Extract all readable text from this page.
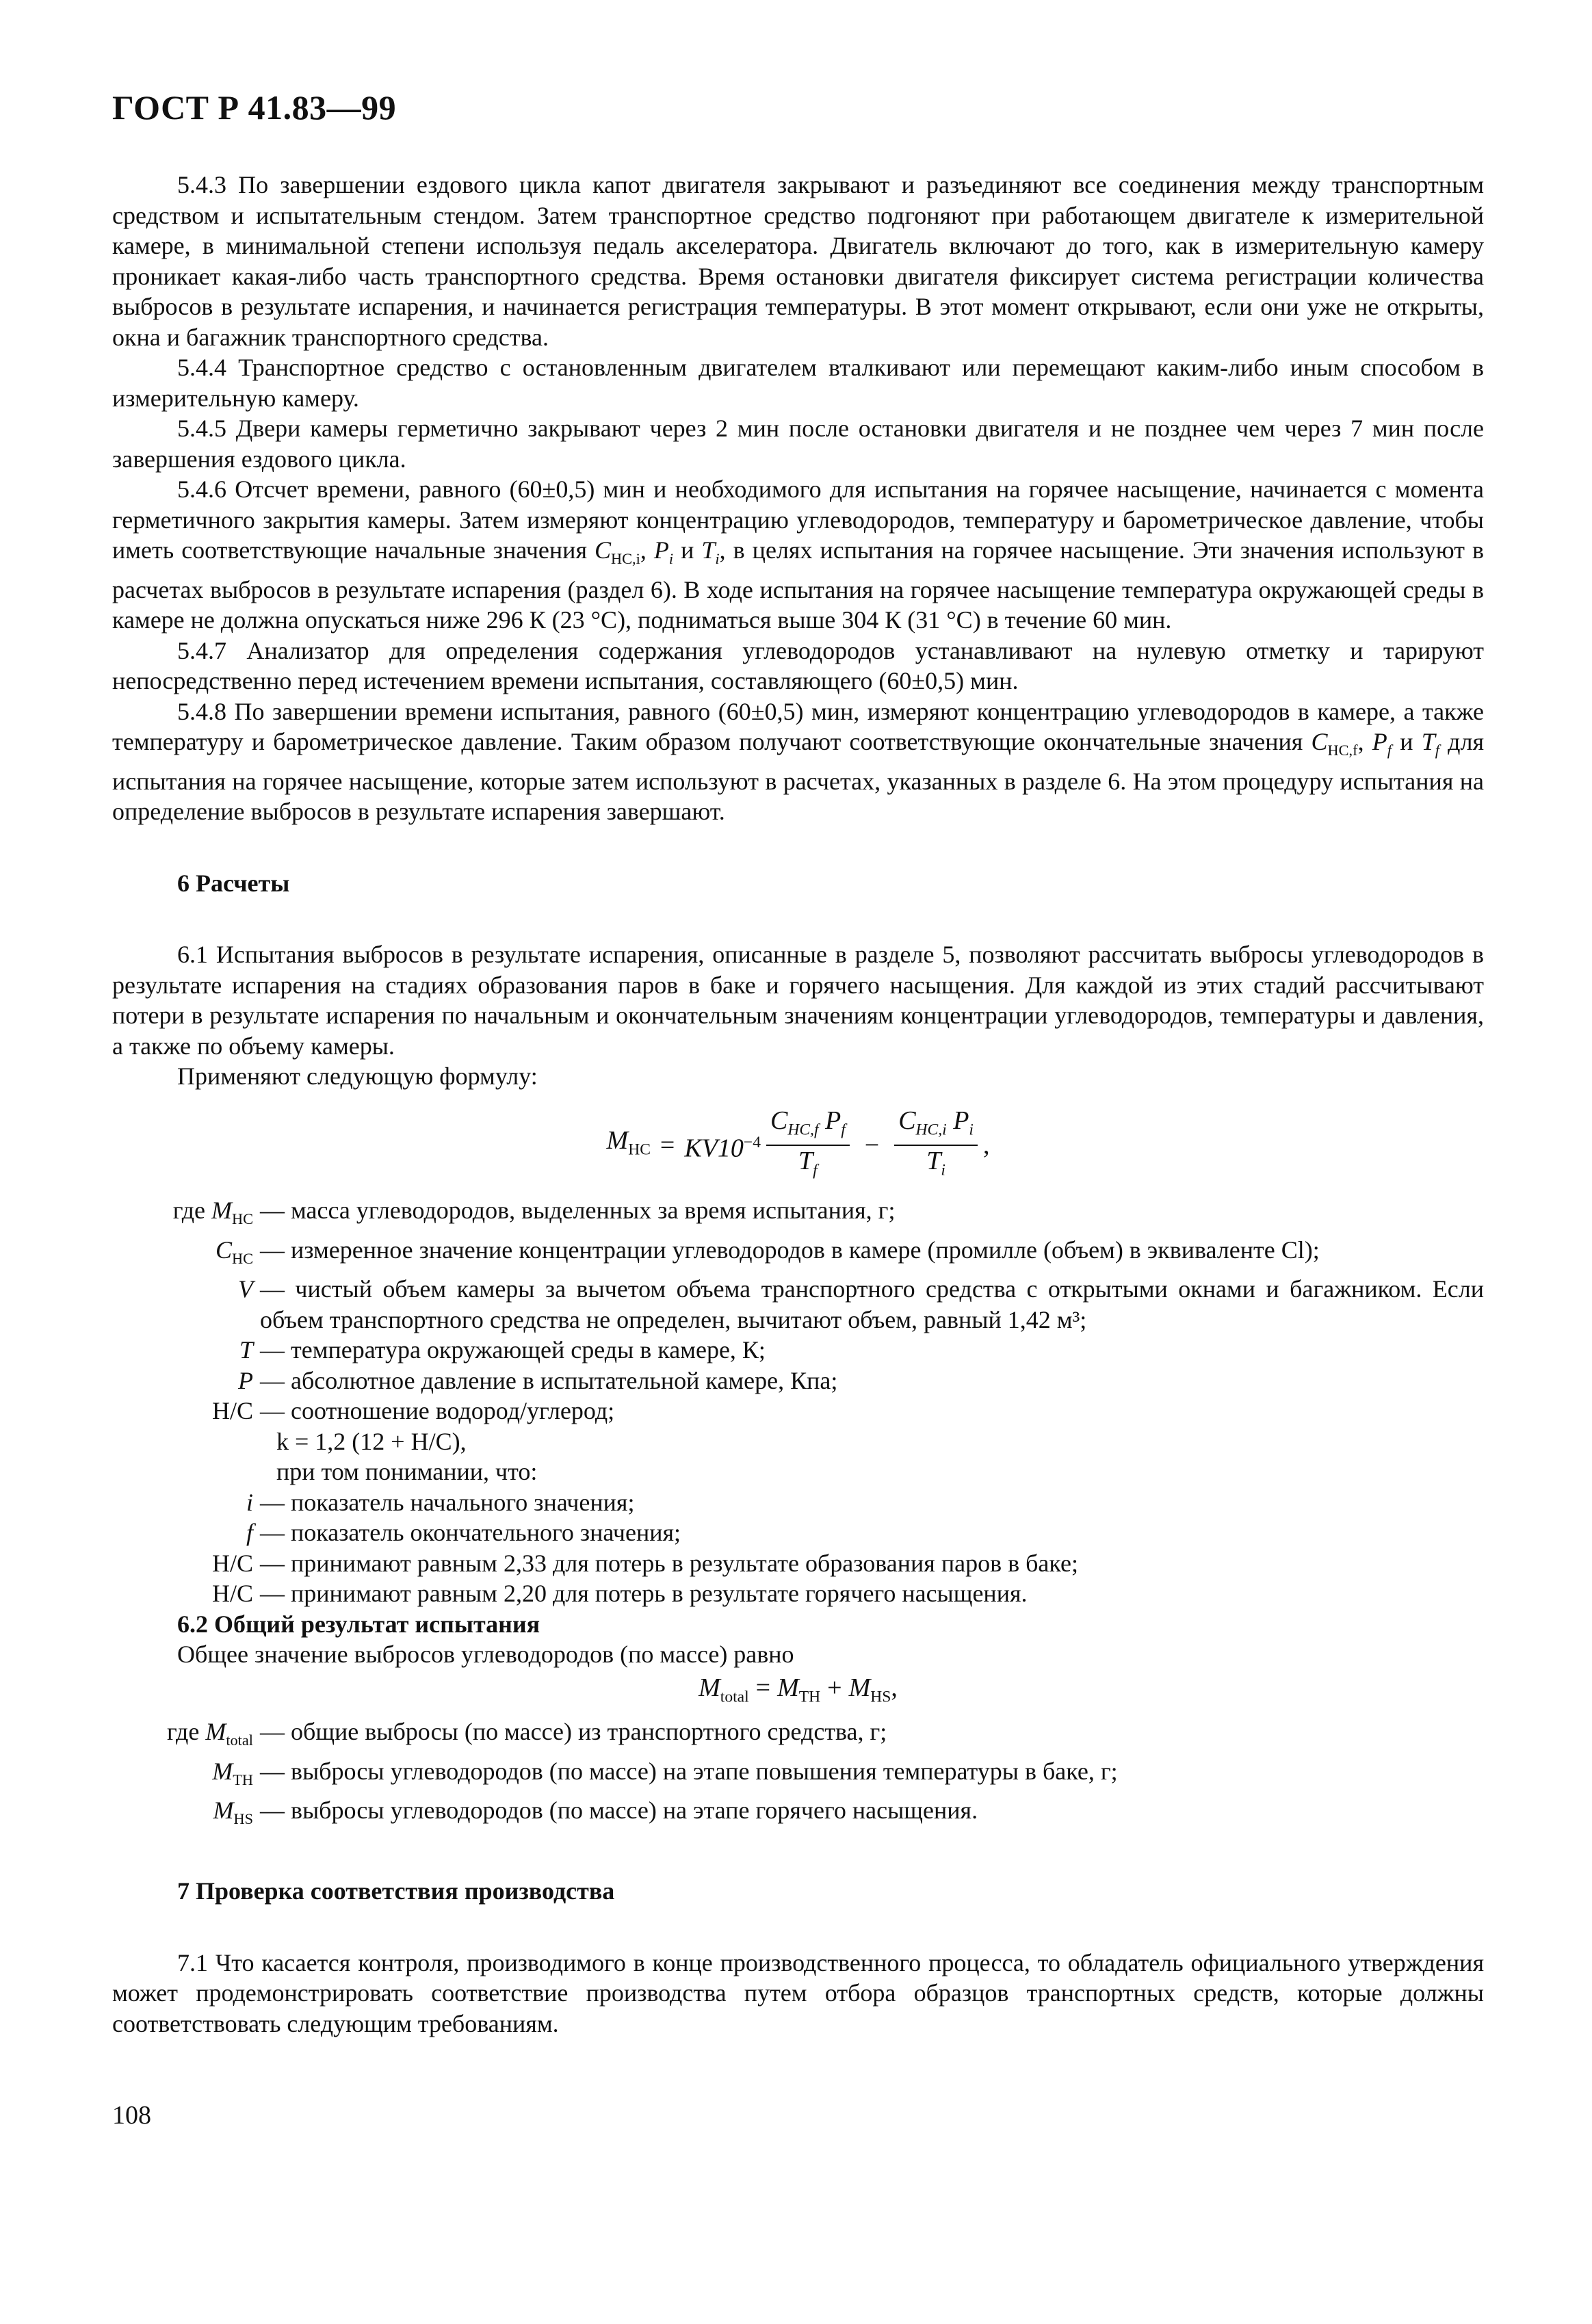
ГОСТ Р 41.83—99

5.4.3 По завершении ездового цикла капот двигателя закрывают и разъединяют все соединения между транспортным средством и испытательным стендом. Затем транспортное средство подгоняют при работающем двигателе к измерительной камере, в минимальной степени используя педаль акселератора. Двигатель включают до того, как в измерительную камеру проникает какая-либо часть транспортного средства. Время остановки двигателя фиксирует система регистрации количества выбросов в результате испарения, и начинается регистрация температуры. В этот момент открывают, если они уже не открыты, окна и багажник транспортного средства.

5.4.4 Транспортное средство с остановленным двигателем вталкивают или перемещают каким-либо иным способом в измерительную камеру.

5.4.5 Двери камеры герметично закрывают через 2 мин после остановки двигателя и не позднее чем через 7 мин после завершения ездового цикла.

5.4.6 Отсчет времени, равного (60±0,5) мин и необходимого для испытания на горячее насыщение, начинается с момента герметичного закрытия камеры. Затем измеряют концентрацию углеводородов, температуру и барометрическое давление, чтобы иметь соответствующие начальные значения $C_{HC,i}$, $P_i$ и $T_i$, в целях испытания на горячее насыщение. Эти значения используют в расчетах выбросов в результате испарения (раздел 6). В ходе испытания на горячее насыщение температура окружающей среды в камере не должна опускаться ниже 296 К (23 °С), подниматься выше 304 К (31 °С) в течение 60 мин.

5.4.7 Анализатор для определения содержания углеводородов устанавливают на нулевую отметку и тарируют непосредственно перед истечением времени испытания, составляющего (60±0,5) мин.

5.4.8 По завершении времени испытания, равного (60±0,5) мин, измеряют концентрацию углеводородов в камере, а также температуру и барометрическое давление. Таким образом получают соответствующие окончательные значения $C_{HC,f}$, $P_f$ и $T_f$ для испытания на горячее насыщение, которые затем используют в расчетах, указанных в разделе 6. На этом процедуру испытания на определение выбросов в результате испарения завершают.

6 Расчеты

6.1 Испытания выбросов в результате испарения, описанные в разделе 5, позволяют рассчитать выбросы углеводородов в результате испарения на стадиях образования паров в баке и горячего насыщения. Для каждой из этих стадий рассчитывают потери в результате испарения по начальным и окончательным значениям концентрации углеводородов, температуры и давления, а также по объему камеры.

Применяют следующую формулу:

$M_{HC} = KV10^{-4} \frac{C_{HC,f} P_f}{T_f} - \frac{C_{HC,i} P_i}{T_i}$ ,
где $M_{HC}$ — масса углеводородов, выделенных за время испытания, г;
$C_{HC}$ — измеренное значение концентрации углеводородов в камере (промилле (объем) в эквиваленте Cl);
V — чистый объем камеры за вычетом объема транспортного средства с открытыми окнами и багажником. Если объем транспортного средства не определен, вычитают объем, равный 1,42 м³;
T — температура окружающей среды в камере, К;
P — абсолютное давление в испытательной камере, Кпа;
H/C — соотношение водород/углерод;
k = 1,2 (12 + H/C),
при том понимании, что:
i — показатель начального значения;
f — показатель окончательного значения;
H/C — принимают равным 2,33 для потерь в результате образования паров в баке;
H/C — принимают равным 2,20 для потерь в результате горячего насыщения.

6.2 Общий результат испытания

Общее значение выбросов углеводородов (по массе) равно

$M_{total} = M_{TH} + M_{HS}$ ,
где $M_{total}$ — общие выбросы (по массе) из транспортного средства, г;
$M_{TH}$ — выбросы углеводородов (по массе) на этапе повышения температуры в баке, г;
$M_{HS}$ — выбросы углеводородов (по массе) на этапе горячего насыщения.

7 Проверка соответствия производства

7.1 Что касается контроля, производимого в конце производственного процесса, то обладатель официального утверждения может продемонстрировать соответствие производства путем отбора образцов транспортных средств, которые должны соответствовать следующим требованиям.

108
